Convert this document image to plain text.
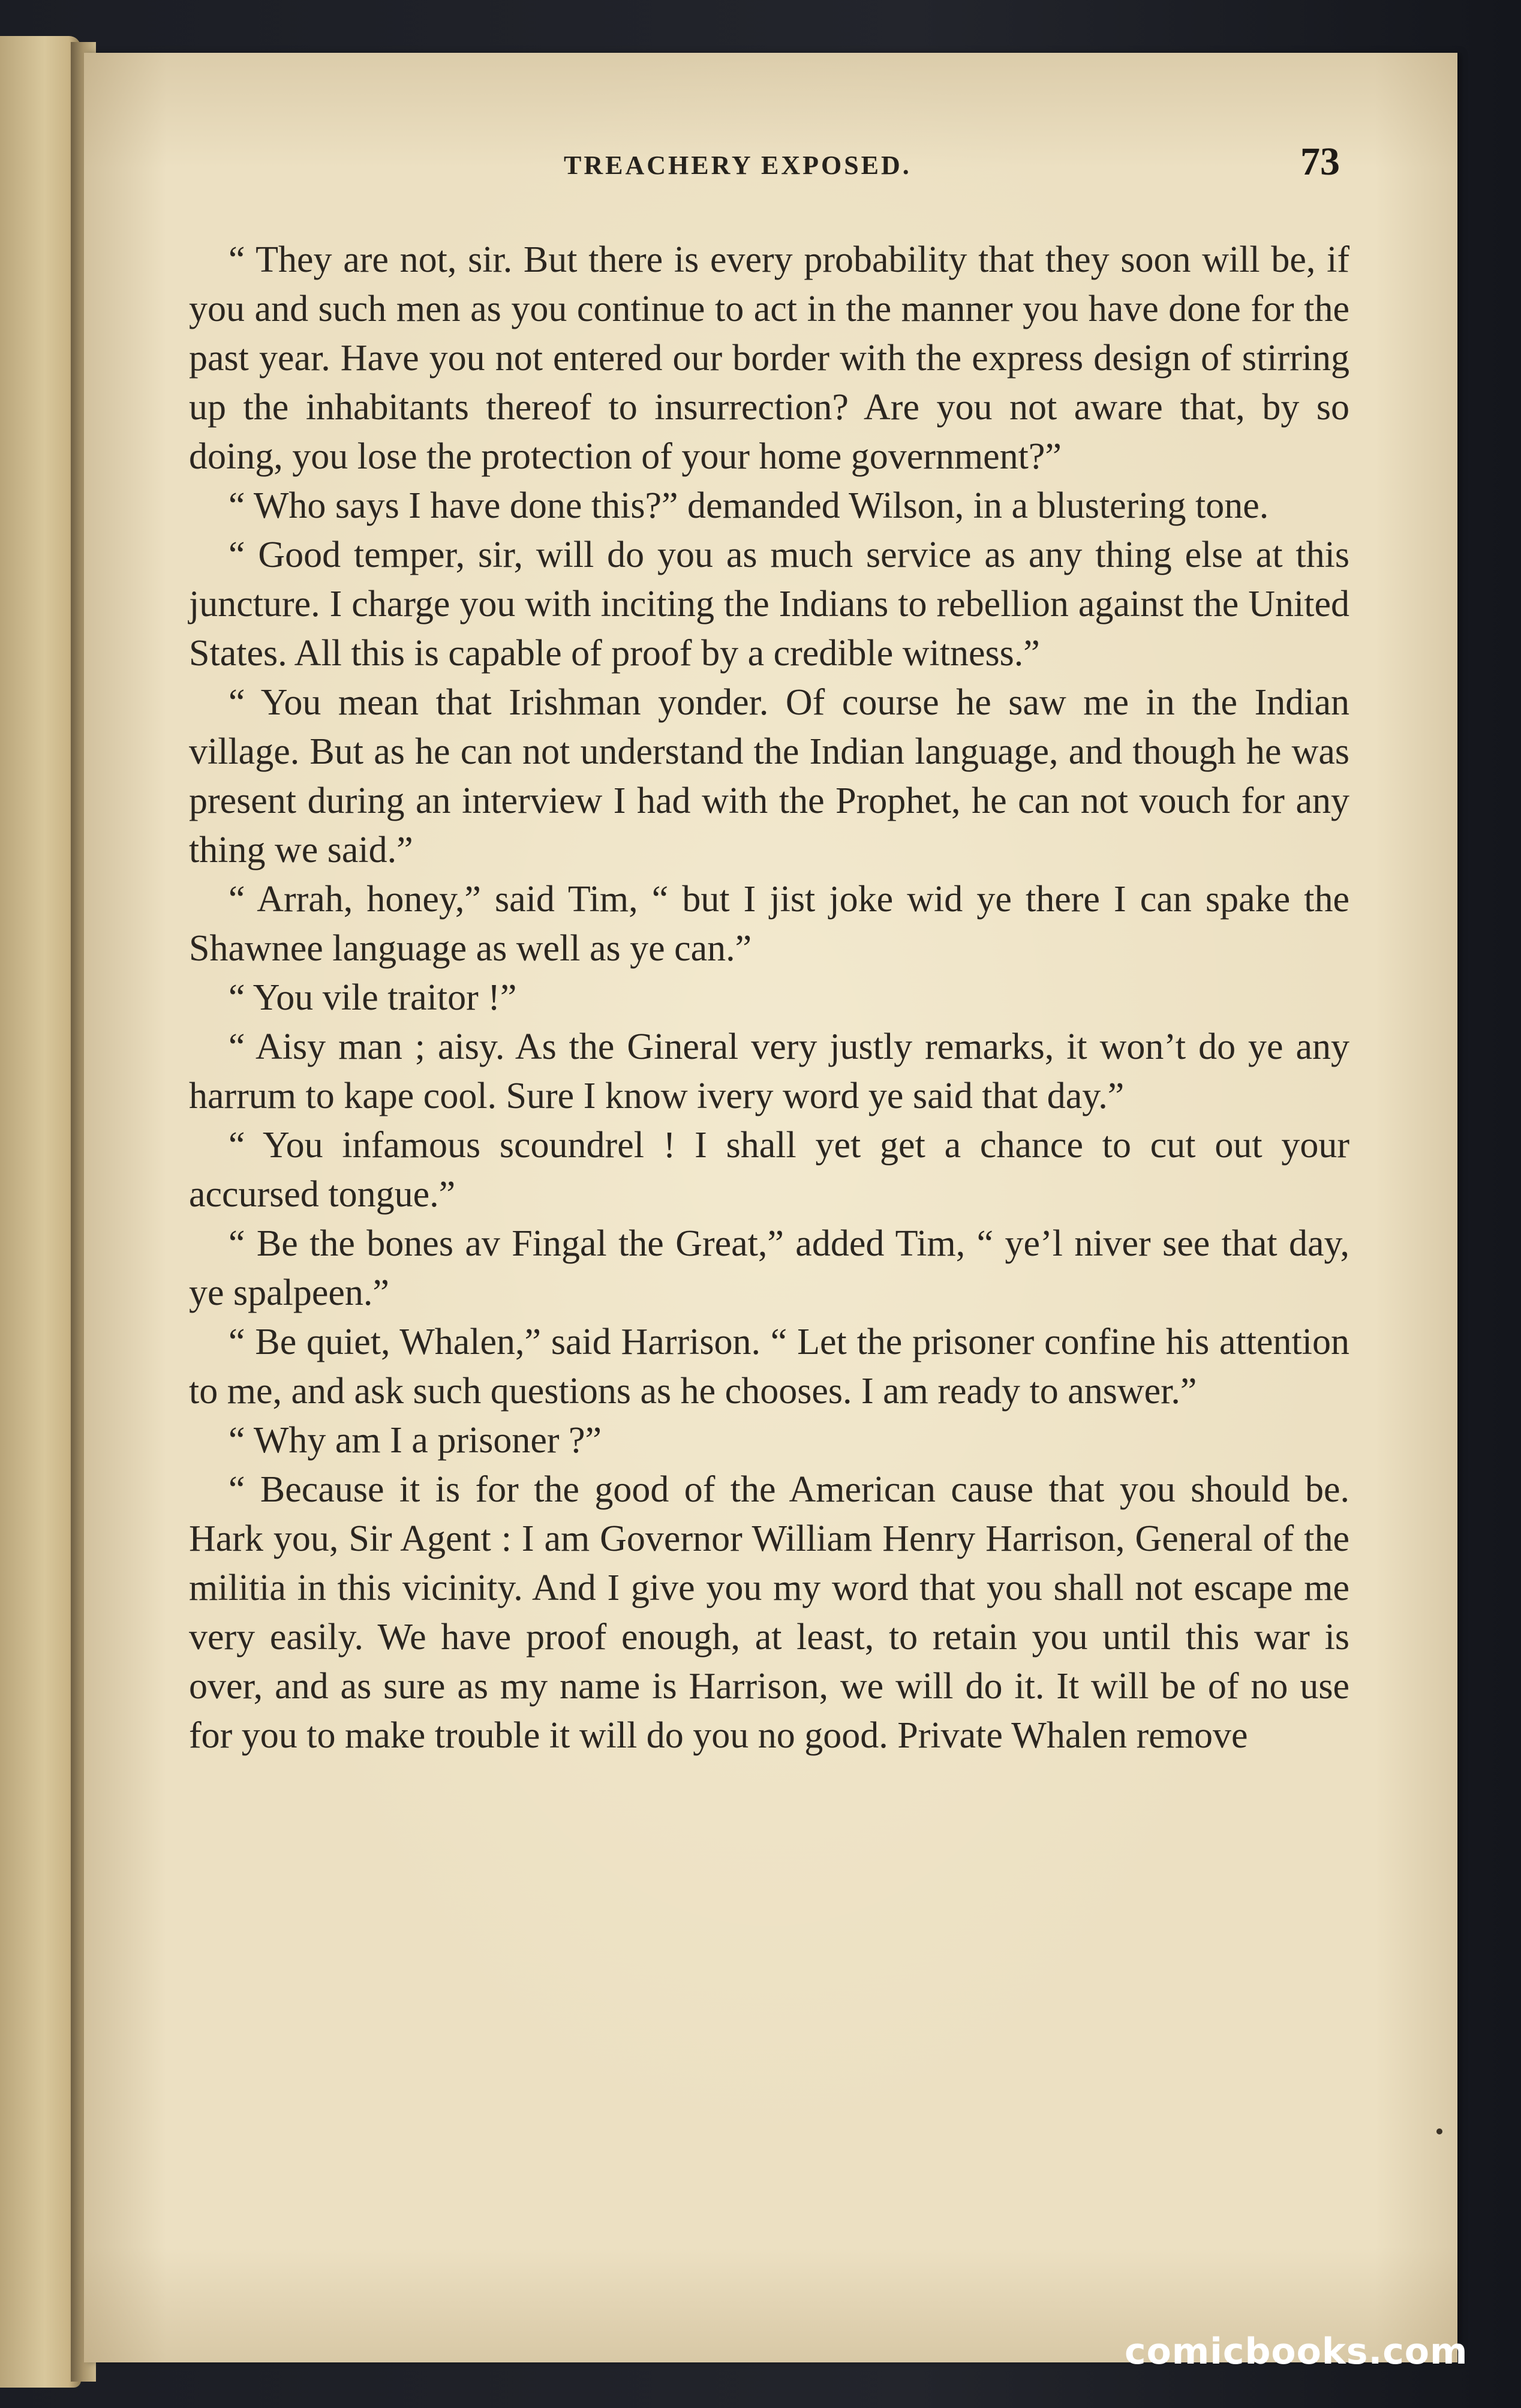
TREACHERY EXPOSED.	73

“ They are not, sir. But there is every probability that they soon will be, if you and such men as you continue to act in the manner you have done for the past year. Have you not entered our border with the express design of stirring up the inhabitants thereof to insurrection? Are you not aware that, by so doing, you lose the protection of your home government?”

“ Who says I have done this?” demanded Wilson, in a blustering tone.

“ Good temper, sir, will do you as much service as any thing else at this juncture. I charge you with inciting the Indians to rebellion against the United States. All this is capable of proof by a credible witness.”

“ You mean that Irishman yonder. Of course he saw me in the Indian village. But as he can not understand the Indian language, and though he was present during an interview I had with the Prophet, he can not vouch for any thing we said.”

“ Arrah, honey,” said Tim, “ but I jist joke wid ye there I can spake the Shawnee language as well as ye can.”

“ You vile traitor !”

“ Aisy man ; aisy. As the Gineral very justly remarks, it won’t do ye any harrum to kape cool. Sure I know ivery word ye said that day.”

“ You infamous scoundrel ! I shall yet get a chance to cut out your accursed tongue.”

“ Be the bones av Fingal the Great,” added Tim, “ ye’l niver see that day, ye spalpeen.”

“ Be quiet, Whalen,” said Harrison. “ Let the prisoner confine his attention to me, and ask such questions as he chooses. I am ready to answer.”

“ Why am I a prisoner ?”

“ Because it is for the good of the American cause that you should be. Hark you, Sir Agent : I am Governor William Henry Harrison, General of the militia in this vicinity. And I give you my word that you shall not escape me very easily. We have proof enough, at least, to retain you until this war is over, and as sure as my name is Harrison, we will do it. It will be of no use for you to make trouble it will do you no good. Private Whalen remove

comicbooks.com
